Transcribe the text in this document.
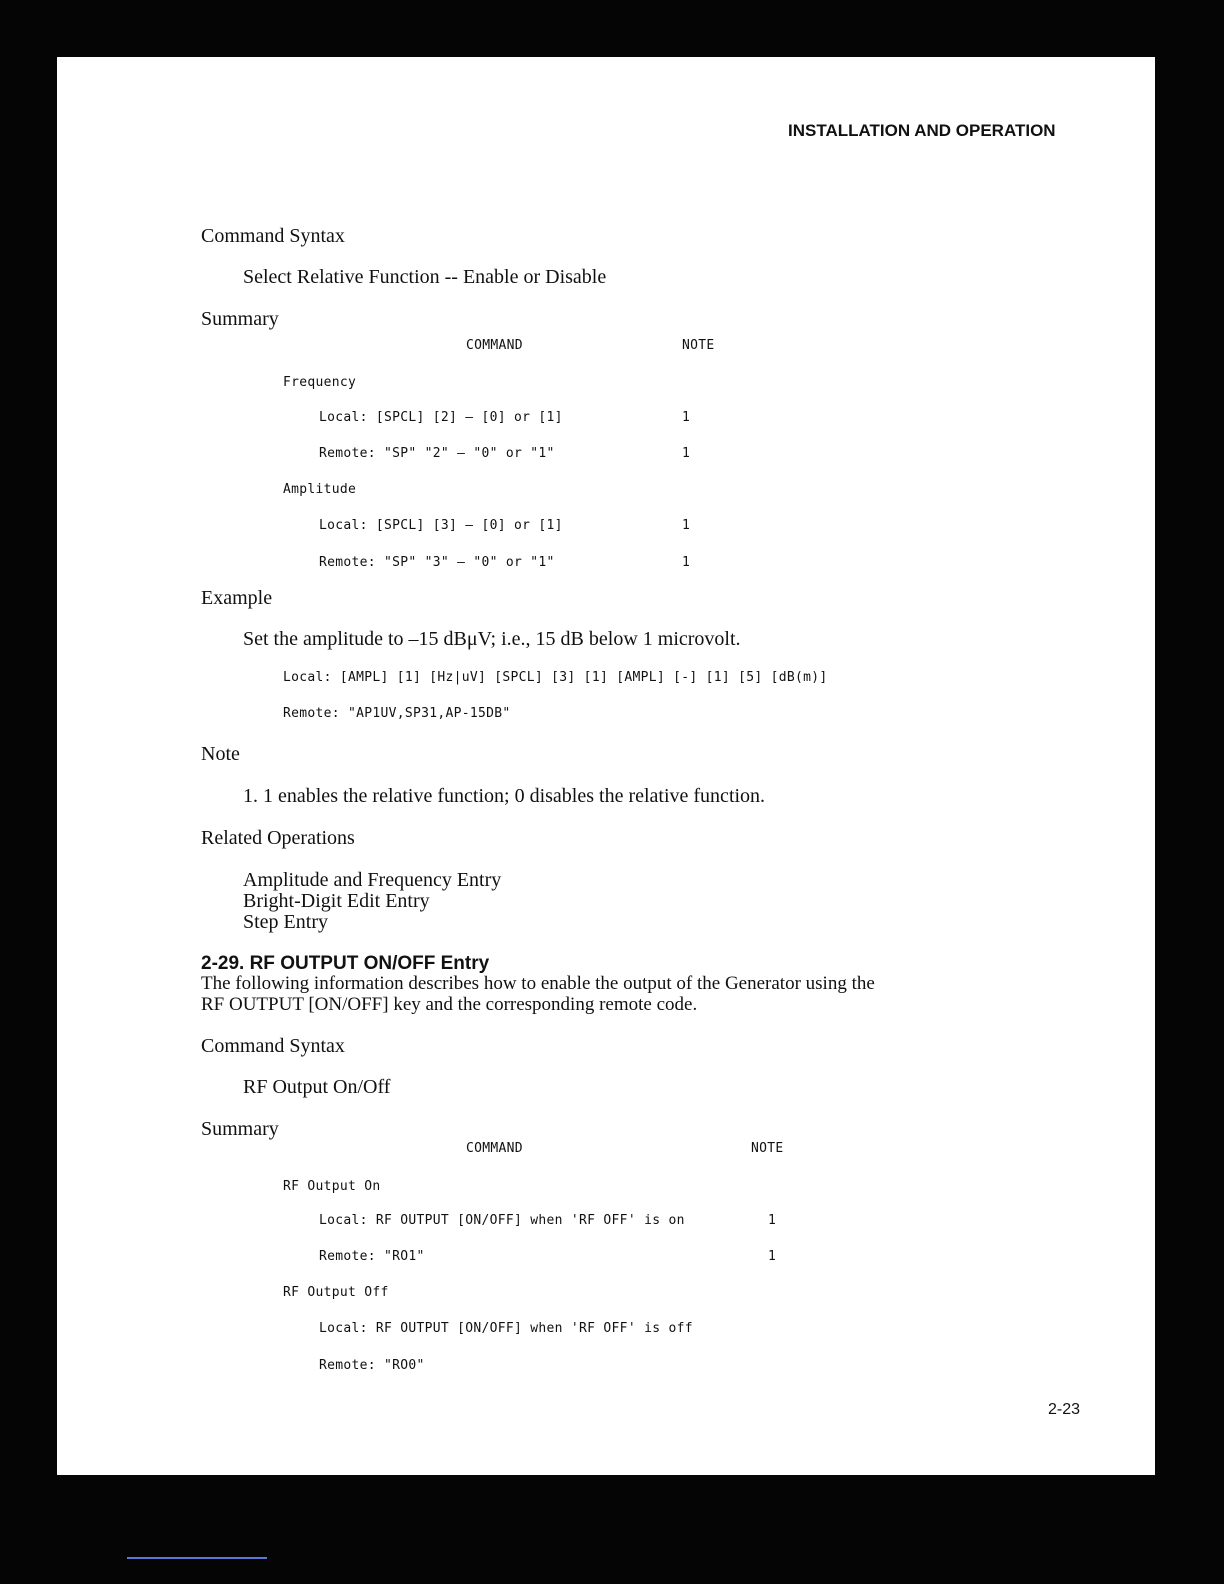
INSTALLATION AND OPERATION
Command Syntax
Select Relative Function -- Enable or Disable
Summary
COMMAND	NOTE
Frequency
Local: [SPCL] [2] — [0] or [1]	1
Remote: "SP" "2" — "0" or "1"	1
Amplitude
Local: [SPCL] [3] — [0] or [1]	1
Remote: "SP" "3" — "0" or "1"	1
Example
Set the amplitude to –15 dBμV; i.e., 15 dB below 1 microvolt.
Local: [AMPL] [1] [Hz|uV] [SPCL] [3] [1] [AMPL] [-] [1] [5] [dB(m)]
Remote: "AP1UV,SP31,AP-15DB"
Note
1. 1 enables the relative function; 0 disables the relative function.
Related Operations
Amplitude and Frequency Entry
Bright-Digit Edit Entry
Step Entry
2-29. RF OUTPUT ON/OFF Entry
The following information describes how to enable the output of the Generator using the
RF OUTPUT [ON/OFF] key and the corresponding remote code.
Command Syntax
RF Output On/Off
Summary
COMMAND	NOTE
RF Output On
Local: RF OUTPUT [ON/OFF] when 'RF OFF' is on	1
Remote: "RO1"	1
RF Output Off
Local: RF OUTPUT [ON/OFF] when 'RF OFF' is off
Remote: "RO0"
2-23
